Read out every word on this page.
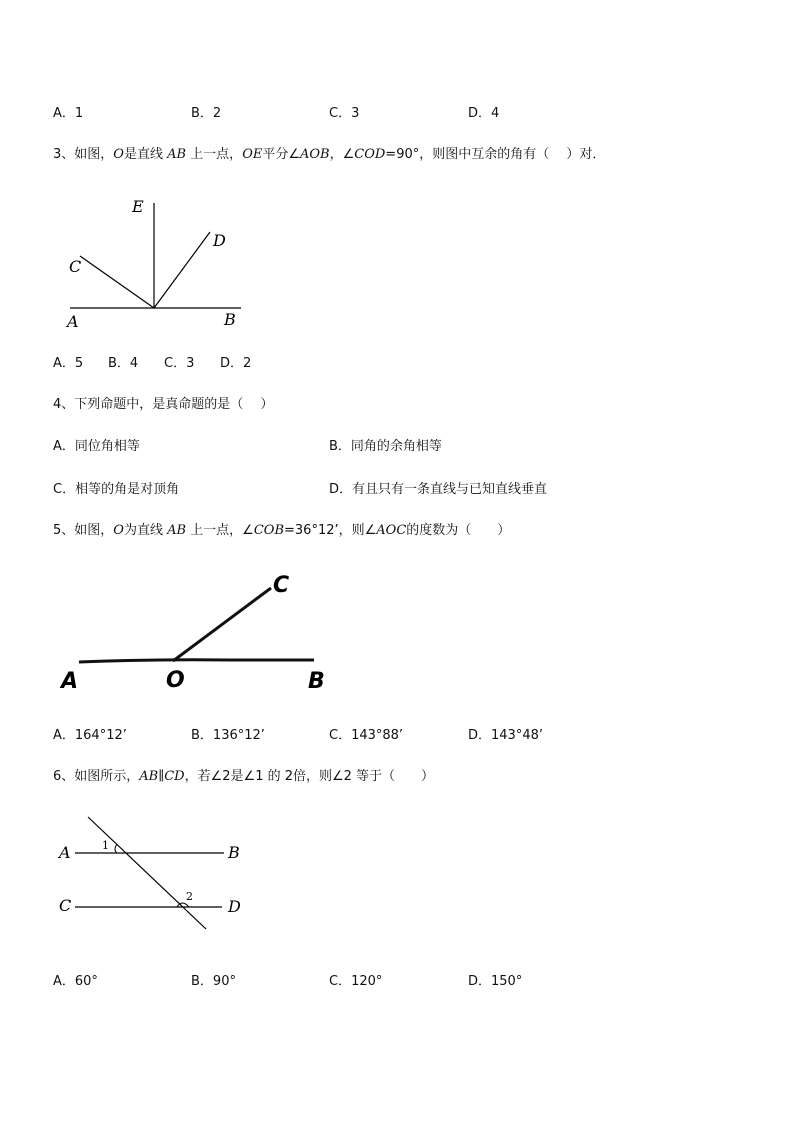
A．1	B．2	C．3	D．4
3、如图，O是直线 AB 上一点，OE平分∠AOB，∠COD=90°，则图中互余的角有（　 ）对．
E
D
C
A	B
A．5 B．4 C．3 D．2
4、下列命题中，是真命题的是（　 ）
A．同位角相等	B．同角的余角相等
C．相等的角是对顶角	D．有且只有一条直线与已知直线垂直
5、如图，O为直线 AB 上一点，∠COB=36°12’，则∠AOC的度数为（　　）
C
A	O	B
A．164°12’	B．136°12’	C．143°88’	D．143°48’
6、如图所示，AB∥CD，若∠2是∠1 的 2倍，则∠2 等于（　　）
A	B
C	D
1
2
A．60°	B．90°	C．120°	D．150°
